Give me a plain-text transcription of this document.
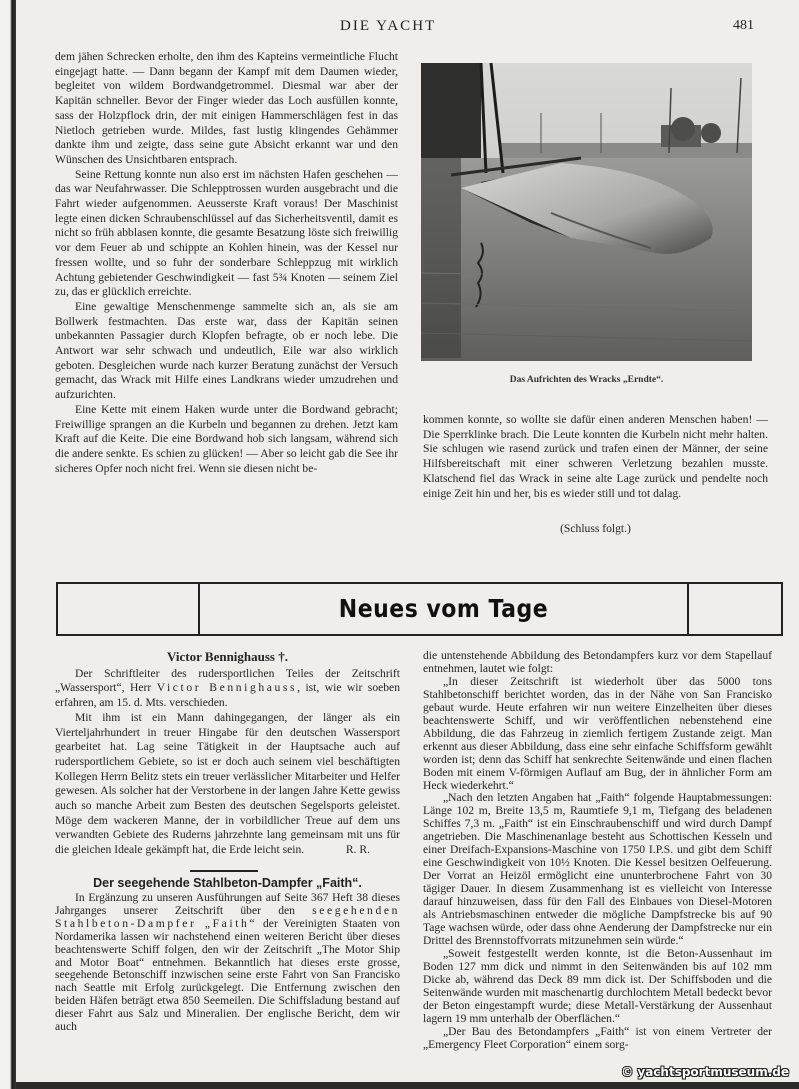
DIE YACHT	481

dem jähen Schrecken erholte, den ihm des Kapteins vermeintliche Flucht eingejagt hatte. — Dann begann der Kampf mit dem Daumen wieder, begleitet von wildem Bordwandgetrommel. Diesmal war aber der Kapitän schneller. Bevor der Finger wieder das Loch ausfüllen konnte, sass der Holzpflock drin, der mit einigen Hammerschlägen fest in das Nietloch getrieben wurde. Mildes, fast lustig klingendes Gehämmer dankte ihm und zeigte, dass seine gute Absicht erkannt war und den Wünschen des Unsichtbaren entsprach.

Seine Rettung konnte nun also erst im nächsten Hafen geschehen — das war Neufahrwasser. Die Schlepptrossen wurden ausgebracht und die Fahrt wieder aufgenommen. Aeusserste Kraft voraus! Der Maschinist legte einen dicken Schraubenschlüssel auf das Sicherheitsventil, damit es nicht so früh abblasen konnte, die gesamte Besatzung löste sich freiwillig vor dem Feuer ab und schippte an Kohlen hinein, was der Kessel nur fressen wollte, und so fuhr der sonderbare Schleppzug mit wirklich Achtung gebietender Geschwindigkeit — fast 5¾ Knoten — seinem Ziel zu, das er glücklich erreichte.

Eine gewaltige Menschenmenge sammelte sich an, als sie am Bollwerk festmachten. Das erste war, dass der Kapitän seinen unbekannten Passagier durch Klopfen befragte, ob er noch lebe. Die Antwort war sehr schwach und undeutlich, Eile war also wirklich geboten. Desgleichen wurde nach kurzer Beratung zunächst der Versuch gemacht, das Wrack mit Hilfe eines Landkrans wieder umzudrehen und aufzurichten.

Eine Kette mit einem Haken wurde unter die Bordwand gebracht; Freiwillige sprangen an die Kurbeln und begannen zu drehen. Jetzt kam Kraft auf die Keite. Die eine Bordwand hob sich langsam, während sich die andere senkte. Es schien zu glücken! — Aber so leicht gab die See ihr sicheres Opfer noch nicht frei. Wenn sie diesen nicht be-

Das Aufrichten des Wracks „Erndte“.

kommen konnte, so wollte sie dafür einen anderen Menschen haben! — Die Sperrklinke brach. Die Leute konnten die Kurbeln nicht mehr halten. Sie schlugen wie rasend zurück und trafen einen der Männer, der seine Hilfsbereitschaft mit einer schweren Verletzung bezahlen musste. Klatschend fiel das Wrack in seine alte Lage zurück und pendelte noch einige Zeit hin und her, bis es wieder still und tot dalag.

(Schluss folgt.)
Neues vom Tage

Victor Bennighauss †.

Der Schriftleiter des rudersportlichen Teiles der Zeitschrift „Wassersport“, Herr Victor Bennighauss, ist, wie wir soeben erfahren, am 15. d. Mts. verschieden.

Mit ihm ist ein Mann dahingegangen, der länger als ein Vierteljahrhundert in treuer Hingabe für den deutschen Wassersport gearbeitet hat. Lag seine Tätigkeit in der Hauptsache auch auf rudersportlichem Gebiete, so ist er doch auch seinem viel beschäftigten Kollegen Herrn Belitz stets ein treuer verlässlicher Mitarbeiter und Helfer gewesen. Als solcher hat der Verstorbene in der langen Jahre Kette gewiss auch so manche Arbeit zum Besten des deutschen Segelsports geleistet. Möge dem wackeren Manne, der in vorbildlicher Treue auf dem uns verwandten Gebiete des Ruderns jahrzehnte lang gemeinsam mit uns für die gleichen Ideale gekämpft hat, die Erde leicht sein.	R. R.

Der seegehende Stahlbeton-Dampfer „Faith“.

In Ergänzung zu unseren Ausführungen auf Seite 367 Heft 38 dieses Jahrganges unserer Zeitschrift über den seegehenden Stahlbeton-Dampfer „Faith“ der Vereinigten Staaten von Nordamerika lassen wir nachstehend einen weiteren Bericht über dieses beachtenswerte Schiff folgen, den wir der Zeitschrift „The Motor Ship and Motor Boat“ entnehmen. Bekanntlich hat dieses erste grosse, seegehende Betonschiff inzwischen seine erste Fahrt von San Francisko nach Seattle mit Erfolg zurückgelegt. Die Entfernung zwischen den beiden Häfen beträgt etwa 850 Seemeilen. Die Schiffsladung bestand auf dieser Fahrt aus Salz und Mineralien. Der englische Bericht, dem wir auch

die untenstehende Abbildung des Betondampfers kurz vor dem Stapellauf entnehmen, lautet wie folgt:

„In dieser Zeitschrift ist wiederholt über das 5000 tons Stahlbetonschiff berichtet worden, das in der Nähe von San Francisko gebaut wurde. Heute erfahren wir nun weitere Einzelheiten über dieses beachtenswerte Schiff, und wir veröffentlichen nebenstehend eine Abbildung, die das Fahrzeug in ziemlich fertigem Zustande zeigt. Man erkennt aus dieser Abbildung, dass eine sehr einfache Schiffsform gewählt worden ist; denn das Schiff hat senkrechte Seitenwände und einen flachen Boden mit einem V-förmigen Auflauf am Bug, der in ähnlicher Form am Heck wiederkehrt.“

„Nach den letzten Angaben hat „Faith“ folgende Hauptabmessungen: Länge 102 m, Breite 13,5 m, Raumtiefe 9,1 m, Tiefgang des beladenen Schiffes 7,3 m. „Faith“ ist ein Einschraubenschiff und wird durch Dampf angetrieben. Die Maschinenanlage besteht aus Schottischen Kesseln und einer Dreifach-Expansions-Maschine von 1750 I.P.S. und gibt dem Schiff eine Geschwindigkeit von 10½ Knoten. Die Kessel besitzen Oelfeuerung. Der Vorrat an Heizöl ermöglicht eine ununterbrochene Fahrt von 30 tägiger Dauer. In diesem Zusammenhang ist es vielleicht von Interesse darauf hinzuweisen, dass für den Fall des Einbaues von Diesel-Motoren als Antriebsmaschinen entweder die mögliche Dampfstrecke bis auf 90 Tage wachsen würde, oder dass ohne Aenderung der Dampfstrecke nur ein Drittel des Brennstoffvorrats mitzunehmen sein würde.“

„Soweit festgestellt werden konnte, ist die Beton-Aussenhaut im Boden 127 mm dick und nimmt in den Seitenwänden bis auf 102 mm Dicke ab, während das Deck 89 mm dick ist. Der Schiffsboden und die Seitenwände wurden mit maschenartig durchlochtem Metall bedeckt bevor der Beton eingestampft wurde; diese Metall-Verstärkung der Aussenhaut lagern 19 mm unterhalb der Oberflächen.“

„Der Bau des Betondampfers „Faith“ ist von einem Vertreter der „Emergency Fleet Corporation“ einem sorg-

© yachtsportmuseum.de
